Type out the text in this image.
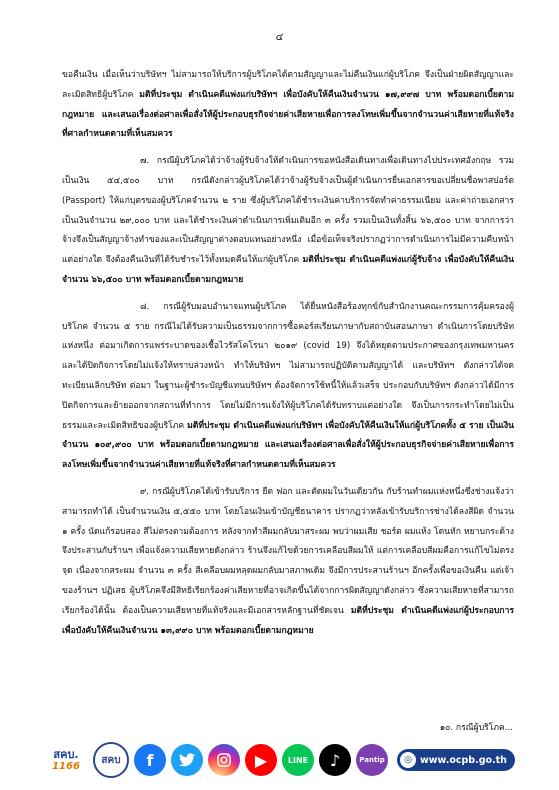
๔

ขอคืนเงิน เมื่อเห็นว่าบริษัทฯ ไม่สามารถให้บริการผู้บริโภคได้ตามสัญญาและไม่คืนเงินแก่ผู้บริโภค จึงเป็นฝ่ายผิดสัญญาและละเมิดสิทธิผู้บริโภค มติที่ประชุม ดำเนินคดีแพ่งแก่บริษัทฯ เพื่อบังคับให้คืนเงินจำนวน ๑๗,๙๙๗ บาท พร้อมดอกเบี้ยตามกฎหมาย และเสนอเรื่องต่อศาลเพื่อสั่งให้ผู้ประกอบธุรกิจจ่ายค่าเสียหายเพื่อการลงโทษเพิ่มขึ้นจากจำนวนค่าเสียหายที่แท้จริงที่ศาลกำหนดตามที่เห็นสมควร

๗. กรณีผู้บริโภคได้ว่าจ้างผู้รับจ้างให้ดำเนินการขอหนังสือเดินทางเพื่อเดินทางไปประเทศอังกฤษ รวมเป็นเงิน ๕๔,๕๐๐ บาท กรณีดังกล่าวผู้บริโภคได้ว่าจ้างผู้รับจ้างเป็นผู้ดำเนินการยื่นเอกสารขอเปลี่ยนชื่อพาสปอร์ต (Passport) ให้แก่บุตรของผู้บริโภคจำนวน ๒ ราย ซึ่งผู้บริโภคได้ชำระเงินค่าบริการจัดทำค่าธรรมเนียม และค่าถ่ายเอกสาร เป็นเงินจำนวน ๒๙,๐๐๐ บาท และได้ชำระเงินค่าดำเนินการเพิ่มเติมอีก ๓ ครั้ง รวมเป็นเงินทั้งสิ้น ๖๖,๕๐๐ บาท จากการว่าจ้างจึงเป็นสัญญาจ้างทำของและเป็นสัญญาต่างตอบแทนอย่างหนึ่ง เมื่อข้อเท็จจริงปรากฏว่าการดำเนินการไม่มีความคืบหน้าแต่อย่างใด จึงต้องคืนเงินที่ได้รับชำระไว้ทั้งหมดคืนให้แก่ผู้บริโภค มติที่ประชุม ดำเนินคดีแพ่งแก่ผู้รับจ้าง เพื่อบังคับให้คืนเงินจำนวน ๖๖,๕๐๐ บาท พร้อมดอกเบี้ยตามกฎหมาย

๘. กรณีผู้รับมอบอำนาจแทนผู้บริโภค ได้ยื่นหนังสือร้องทุกข์กับสำนักงานคณะกรรมการคุ้มครองผู้บริโภค จำนวน ๕ ราย กรณีไม่ได้รับความเป็นธรรมจากการซื้อคอร์สเรียนภาษากับสถาบันสอนภาษา ดำเนินการโดยบริษัทแห่งหนึ่ง ต่อมาเกิดการแพร่ระบาดของเชื้อไวรัสโคโรนา ๒๐๑๙ (covid 19) จึงได้หยุดตามประกาศของกรุงเทพมหานคร และได้ปิดกิจการโดยไม่แจ้งให้ทราบล่วงหน้า ทำให้บริษัทฯ ไม่สามารถปฏิบัติตามสัญญาได้ และบริษัทฯ ดังกล่าวได้จดทะเบียนเลิกบริษัท ต่อมา ในฐานะผู้ชำระบัญชีแทนบริษัทฯ ต้องจัดการใช้หนี้ให้แล้วเสร็จ ประกอบกับบริษัทฯ ดังกล่าวได้มีการปิดกิจการและย้ายออกจากสถานที่ทำการ โดยไม่มีการแจ้งให้ผู้บริโภคได้รับทราบแต่อย่างใด จึงเป็นการกระทำโดยไม่เป็นธรรมและละเมิดสิทธิของผู้บริโภค มติที่ประชุม ดำเนินคดีแพ่งแก่บริษัทฯ เพื่อบังคับให้คืนเงินให้แก่ผู้บริโภคทั้ง ๕ ราย เป็นเงินจำนวน ๑๐๙,๙๐๐ บาท พร้อมดอกเบี้ยตามกฎหมาย และเสนอเรื่องต่อศาลเพื่อสั่งให้ผู้ประกอบธุรกิจจ่ายค่าเสียหายเพื่อการลงโทษเพิ่มขึ้นจากจำนวนค่าเสียหายที่แท้จริงที่ศาลกำหนดตามที่เห็นสมควร

๙. กรณีผู้บริโภคได้เข้ารับบริการ ยืด ฟอก และตัดผมในวันเดียวกัน กับร้านทำผมแห่งหนึ่งซึ่งช่างแจ้งว่าสามารถทำได้ เป็นจำนวนเงิน ๕,๕๕๐ บาท โดยโอนเงินเข้าบัญชีธนาคาร ปรากฏว่าหลังเข้ารับบริการช่างได้ลงสีผิด จำนวน ๑ ครั้ง นัดแก้รอบสอง สีไม่ตรงตามต้องการ หลังจากทำสีผมกลับมาสระผม พบว่าผมเสีย ชอร์ต ผมแห้ง โดนหัก หยาบกระด้าง จึงประสานกับร้านฯ เพื่อแจ้งความเสียหายดังกล่าว ร้านจึงแก้ไขด้วยการเคลือบสีผมให้ แต่การเคลือบสีผมคือการแก้ไขไม่ตรงจุด เนื่องจากสระผม จำนวน ๓ ครั้ง สีเคลือบผมหลุดผมกลับมาสภาพเดิม จึงมีการประสานร้านฯ อีกครั้งเพื่อขอเงินคืน แต่เจ้าของร้านฯ ปฏิเสธ ผู้บริโภคจึงมีสิทธิเรียกร้องค่าเสียหายที่อาจเกิดขึ้นได้จากการผิดสัญญาดังกล่าว ซึ่งความเสียหายที่สามารถเรียกร้องได้นั้น ต้องเป็นความเสียหายที่แท้จริงและมีเอกสารหลักฐานที่ชัดเจน มติที่ประชุม ดำเนินคดีแพ่งแก่ผู้ประกอบการ เพื่อบังคับให้คืนเงินจำนวน ๑๓,๙๙๐ บาท พร้อมดอกเบี้ยตามกฎหมาย

๑๐. กรณีผู้บริโภค...
สคบ.
1166
สคบ	f	▶	LINE	♪	Pantip	◎ www.ocpb.go.th
